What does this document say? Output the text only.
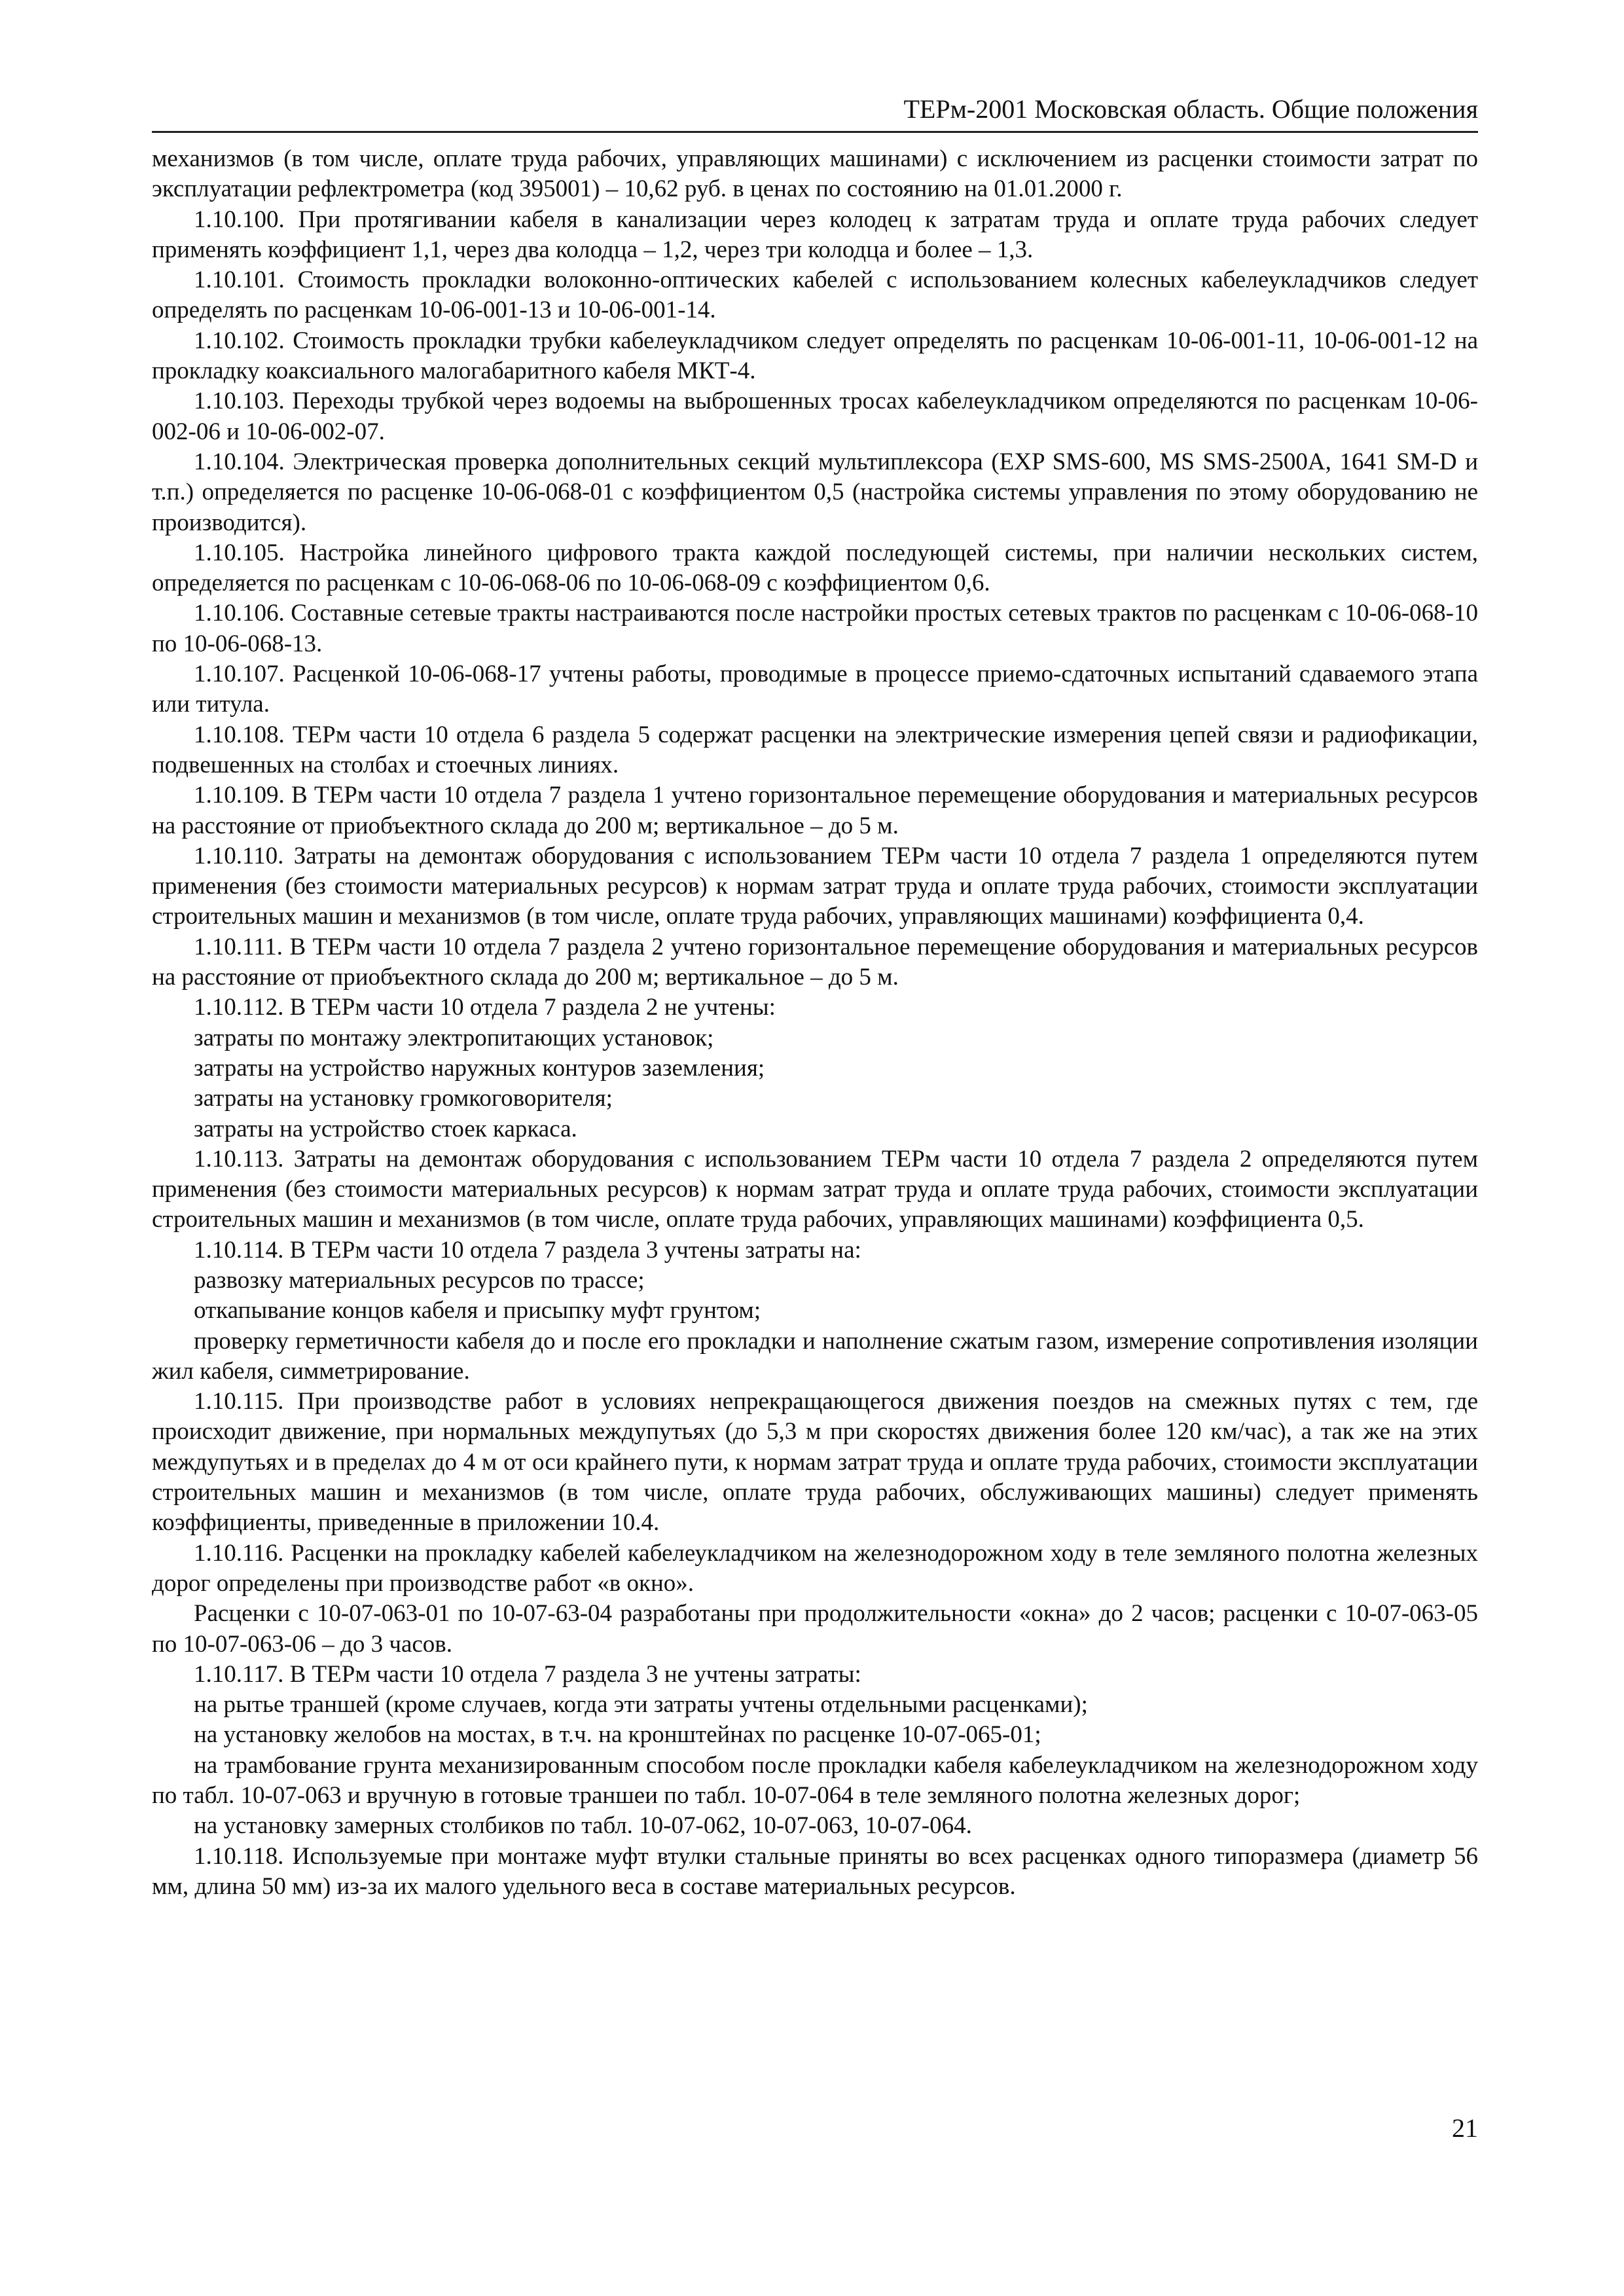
ТЕРм-2001 Московская область. Общие положения

механизмов (в том числе, оплате труда рабочих, управляющих машинами) с исключением из расценки стоимости затрат по эксплуатации рефлектрометра (код 395001) – 10,62 руб. в ценах по состоянию на 01.01.2000 г.

1.10.100. При протягивании кабеля в канализации через колодец к затратам труда и оплате труда рабочих следует применять коэффициент 1,1, через два колодца – 1,2, через три колодца и более – 1,3.

1.10.101. Стоимость прокладки волоконно-оптических кабелей с использованием колесных кабелеукладчиков следует определять по расценкам 10-06-001-13 и 10-06-001-14.

1.10.102. Стоимость прокладки трубки кабелеукладчиком следует определять по расценкам 10-06-001-11, 10-06-001-12 на прокладку коаксиального малогабаритного кабеля МКТ-4.

1.10.103. Переходы трубкой через водоемы на выброшенных тросах кабелеукладчиком определяются по расценкам 10-06-002-06 и 10-06-002-07.

1.10.104. Электрическая проверка дополнительных секций мультиплексора (EXP SMS-600, MS SMS-2500A, 1641 SM-D и т.п.) определяется по расценке 10-06-068-01 с коэффициентом 0,5 (настройка системы управления по этому оборудованию не производится).

1.10.105. Настройка линейного цифрового тракта каждой последующей системы, при наличии нескольких систем, определяется по расценкам с 10-06-068-06 по 10-06-068-09 с коэффициентом 0,6.

1.10.106. Составные сетевые тракты настраиваются после настройки простых сетевых трактов по расценкам с 10-06-068-10 по 10-06-068-13.

1.10.107. Расценкой 10-06-068-17 учтены работы, проводимые в процессе приемо-сдаточных испытаний сдаваемого этапа или титула.

1.10.108. ТЕРм части 10 отдела 6 раздела 5 содержат расценки на электрические измерения цепей связи и радиофикации, подвешенных на столбах и стоечных линиях.

1.10.109. В ТЕРм части 10 отдела 7 раздела 1 учтено горизонтальное перемещение оборудования и материальных ресурсов на расстояние от приобъектного склада до 200 м; вертикальное – до 5 м.

1.10.110. Затраты на демонтаж оборудования с использованием ТЕРм части 10 отдела 7 раздела 1 определяются путем применения (без стоимости материальных ресурсов) к нормам затрат труда и оплате труда рабочих, стоимости эксплуатации строительных машин и механизмов (в том числе, оплате труда рабочих, управляющих машинами) коэффициента 0,4.

1.10.111. В ТЕРм части 10 отдела 7 раздела 2 учтено горизонтальное перемещение оборудования и материальных ресурсов на расстояние от приобъектного склада до 200 м; вертикальное – до 5 м.

1.10.112. В ТЕРм части 10 отдела 7 раздела 2 не учтены:

затраты по монтажу электропитающих установок;

затраты на устройство наружных контуров заземления;

затраты на установку громкоговорителя;

затраты на устройство стоек каркаса.

1.10.113. Затраты на демонтаж оборудования с использованием ТЕРм части 10 отдела 7 раздела 2 определяются путем применения (без стоимости материальных ресурсов) к нормам затрат труда и оплате труда рабочих, стоимости эксплуатации строительных машин и механизмов (в том числе, оплате труда рабочих, управляющих машинами) коэффициента 0,5.

1.10.114. В ТЕРм части 10 отдела 7 раздела 3 учтены затраты на:

развозку материальных ресурсов по трассе;

откапывание концов кабеля и присыпку муфт грунтом;

проверку герметичности кабеля до и после его прокладки и наполнение сжатым газом, измерение сопротивления изоляции жил кабеля, симметрирование.

1.10.115. При производстве работ в условиях непрекращающегося движения поездов на смежных путях с тем, где происходит движение, при нормальных междупутьях (до 5,3 м при скоростях движения более 120 км/час), а так же на этих междупутьях и в пределах до 4 м от оси крайнего пути, к нормам затрат труда и оплате труда рабочих, стоимости эксплуатации строительных машин и механизмов (в том числе, оплате труда рабочих, обслуживающих машины) следует применять коэффициенты, приведенные в приложении 10.4.

1.10.116. Расценки на прокладку кабелей кабелеукладчиком на железнодорожном ходу в теле земляного полотна железных дорог определены при производстве работ «в окно».

Расценки с 10-07-063-01 по 10-07-63-04 разработаны при продолжительности «окна» до 2 часов; расценки с 10-07-063-05 по 10-07-063-06 – до 3 часов.

1.10.117. В ТЕРм части 10 отдела 7 раздела 3 не учтены затраты:

на рытье траншей (кроме случаев, когда эти затраты учтены отдельными расценками);

на установку желобов на мостах, в т.ч. на кронштейнах по расценке 10-07-065-01;

на трамбование грунта механизированным способом после прокладки кабеля кабелеукладчиком на железнодорожном ходу по табл. 10-07-063 и вручную в готовые траншеи по табл. 10-07-064 в теле земляного полотна железных дорог;

на установку замерных столбиков по табл. 10-07-062, 10-07-063, 10-07-064.

1.10.118. Используемые при монтаже муфт втулки стальные приняты во всех расценках одного типоразмера (диаметр 56 мм, длина 50 мм) из-за их малого удельного веса в составе материальных ресурсов.

21
